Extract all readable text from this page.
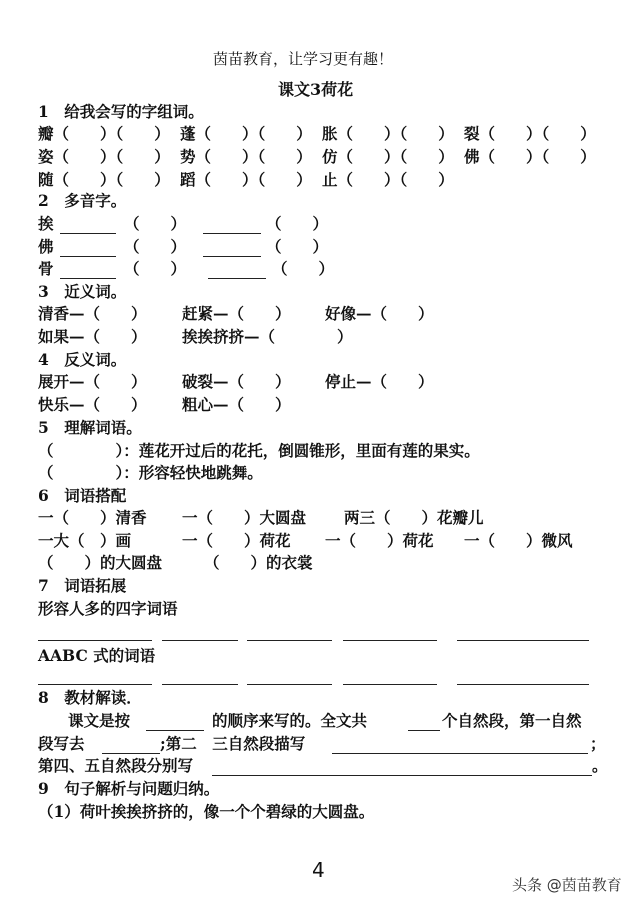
茵苗教育，让学习更有趣！
课文3荷花
1　给我会写的字组词。
瓣（　　）（　　） 蓬（　　）（　　） 胀（　　）（　　） 裂（　　）（　　）
姿（　　）（　　） 势（　　）（　　） 仿（　　）（　　） 佛（　　）（　　）
随（　　）（　　） 蹈（　　）（　　） 止（　　）（　　）
2　多音字。
挨	（　　）	（　　）
佛	（　　）	（　　）
骨	（　　）	（　　）
3　近义词。
清香—（　　） 赶紧—（　　） 好像—（　　）
如果—（　　） 挨挨挤挤—（　　　　）
4　反义词。
展开—（　　） 破裂—（　　） 停止—（　　）
快乐—（　　） 粗心—（　　）
5　理解词语。
（　　　　）：莲花开过后的花托，倒圆锥形，里面有莲的果实。
（　　　　）：形容轻快地跳舞。
6　词语搭配
一（　　）清香 一（　　）大圆盘 两三（　　）花瓣儿
一大（　）画	一（　　）荷花 一（　　）荷花 一（　　）微风
（　　）的大圆盘	（　　）的衣裳
7　词语拓展
形容人多的四字词语
AABC 式的词语
8　教材解读．
课文是按	的顺序来写的。全文共	个自然段，第一自然
段写去	;第二　三自然段描写	；
第四、五自然段分别写	。
9　句子解析与问题归纳。
（1）荷叶挨挨挤挤的，像一个个碧绿的大圆盘。
4
头条 @茵苗教育
